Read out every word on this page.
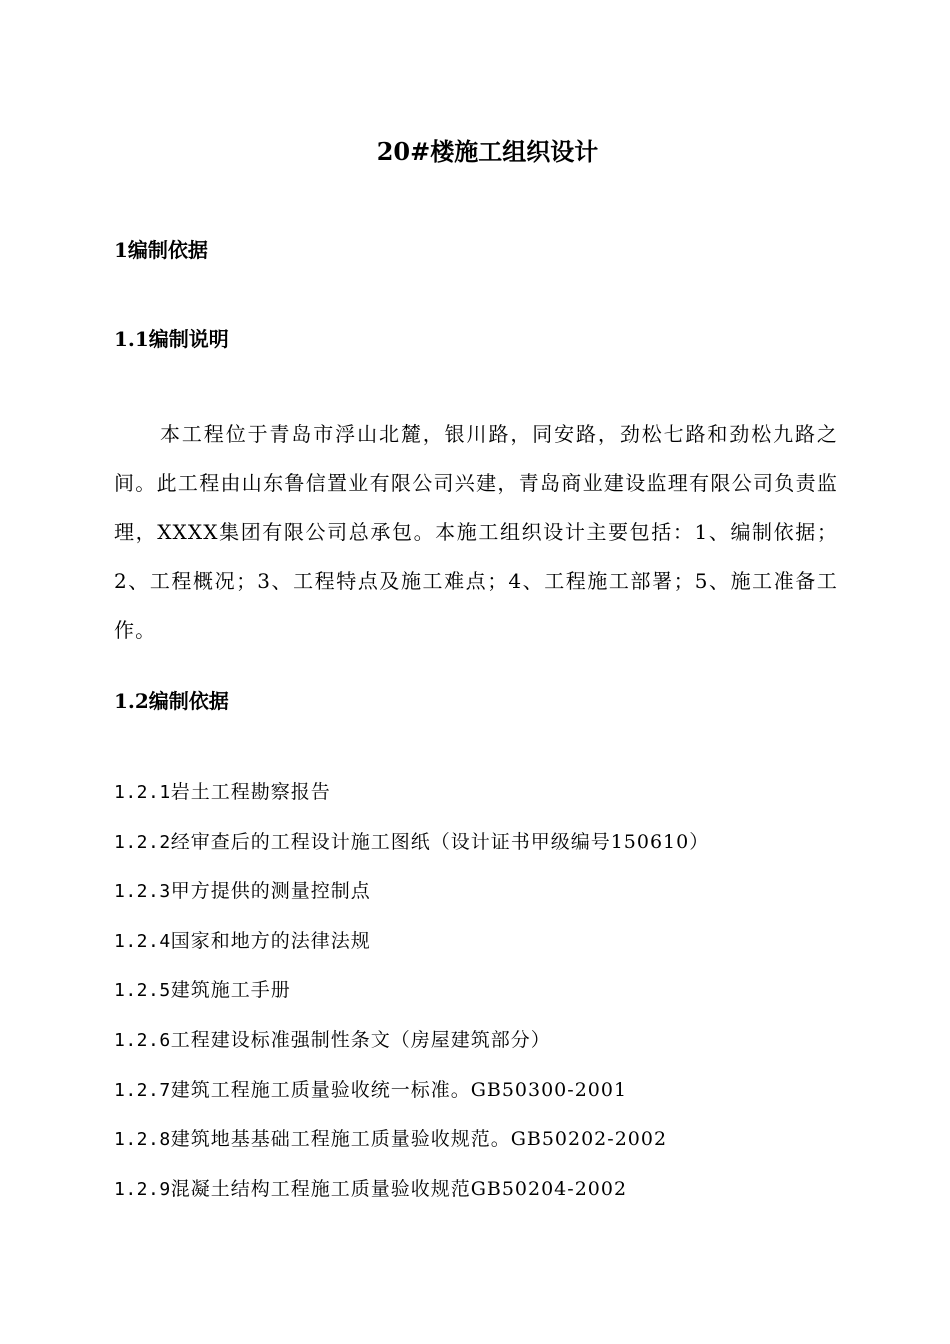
20#楼施工组织设计
1编制依据
1.1编制说明

本工程位于青岛市浮山北麓，银川路，同安路，劲松七路和劲松九路之间。此工程由山东鲁信置业有限公司兴建，青岛商业建设监理有限公司负责监理，XXXX集团有限公司总承包。本施工组织设计主要包括：1、编制依据；2、工程概况；3、工程特点及施工难点；4、工程施工部署；5、施工准备工作。

1.2编制依据
1.2.1岩土工程勘察报告
1.2.2经审查后的工程设计施工图纸（设计证书甲级编号150610）
1.2.3甲方提供的测量控制点
1.2.4国家和地方的法律法规
1.2.5建筑施工手册
1.2.6工程建设标准强制性条文（房屋建筑部分）
1.2.7建筑工程施工质量验收统一标准。GB50300-2001
1.2.8建筑地基基础工程施工质量验收规范。GB50202-2002
1.2.9混凝土结构工程施工质量验收规范GB50204-2002
